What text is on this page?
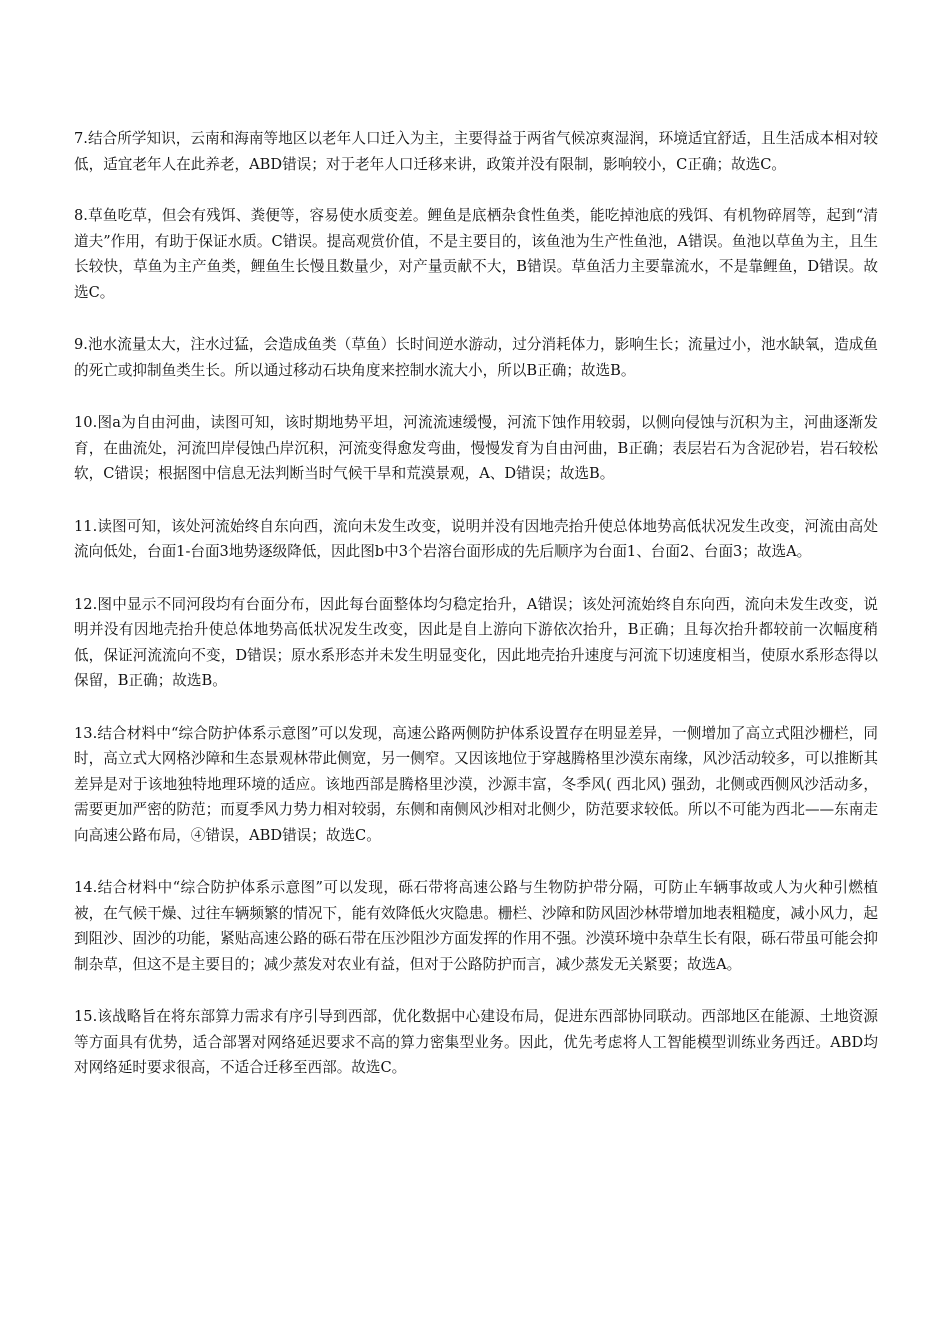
7.结合所学知识，云南和海南等地区以老年人口迁入为主，主要得益于两省气候凉爽湿润，环境适宜舒适，且生活成本相对较低，适宜老年人在此养老，ABD错误；对于老年人口迁移来讲，政策并没有限制，影响较小，C正确；故选C。

8.草鱼吃草，但会有残饵、粪便等，容易使水质变差。鲤鱼是底栖杂食性鱼类，能吃掉池底的残饵、有机物碎屑等，起到“清道夫”作用，有助于保证水质。C错误。提高观赏价值，不是主要目的，该鱼池为生产性鱼池，A错误。鱼池以草鱼为主，且生长较快，草鱼为主产鱼类，鲤鱼生长慢且数量少，对产量贡献不大，B错误。草鱼活力主要靠流水，不是靠鲤鱼，D错误。故选C。

9.池水流量太大，注水过猛，会造成鱼类（草鱼）长时间逆水游动，过分消耗体力，影响生长；流量过小，池水缺氧，造成鱼的死亡或抑制鱼类生长。所以通过移动石块角度来控制水流大小，所以B正确；故选B。

10.图a为自由河曲，读图可知，该时期地势平坦，河流流速缓慢，河流下蚀作用较弱，以侧向侵蚀与沉积为主，河曲逐渐发育，在曲流处，河流凹岸侵蚀凸岸沉积，河流变得愈发弯曲，慢慢发育为自由河曲，B正确；表层岩石为含泥砂岩，岩石较松软，C错误；根据图中信息无法判断当时气候干旱和荒漠景观，A、D错误；故选B。

11.读图可知，该处河流始终自东向西，流向未发生改变，说明并没有因地壳抬升使总体地势高低状况发生改变，河流由高处流向低处，台面1-台面3地势逐级降低，因此图b中3个岩溶台面形成的先后顺序为台面1、台面2、台面3；故选A。

12.图中显示不同河段均有台面分布，因此每台面整体均匀稳定抬升，A错误；该处河流始终自东向西，流向未发生改变，说明并没有因地壳抬升使总体地势高低状况发生改变，因此是自上游向下游依次抬升，B正确；且每次抬升都较前一次幅度稍低，保证河流流向不变，D错误；原水系形态并未发生明显变化，因此地壳抬升速度与河流下切速度相当，使原水系形态得以保留，B正确；故选B。

13.结合材料中“综合防护体系示意图”可以发现，高速公路两侧防护体系设置存在明显差异，一侧增加了高立式阻沙栅栏，同时，高立式大网格沙障和生态景观林带此侧宽，另一侧窄。又因该地位于穿越腾格里沙漠东南缘，风沙活动较多，可以推断其差异是对于该地独特地理环境的适应。该地西部是腾格里沙漠，沙源丰富，冬季风( 西北风) 强劲，北侧或西侧风沙活动多，需要更加严密的防范；而夏季风力势力相对较弱，东侧和南侧风沙相对北侧少，防范要求较低。所以不可能为西北——东南走向高速公路布局，④错误，ABD错误；故选C。

14.结合材料中“综合防护体系示意图”可以发现，砾石带将高速公路与生物防护带分隔，可防止车辆事故或人为火种引燃植被，在气候干燥、过往车辆频繁的情况下，能有效降低火灾隐患。栅栏、沙障和防风固沙林带增加地表粗糙度，减小风力，起到阻沙、固沙的功能，紧贴高速公路的砾石带在压沙阻沙方面发挥的作用不强。沙漠环境中杂草生长有限，砾石带虽可能会抑制杂草，但这不是主要目的；减少蒸发对农业有益，但对于公路防护而言，减少蒸发无关紧要；故选A。

15.该战略旨在将东部算力需求有序引导到西部，优化数据中心建设布局，促进东西部协同联动。西部地区在能源、土地资源等方面具有优势，适合部署对网络延迟要求不高的算力密集型业务。因此，优先考虑将人工智能模型训练业务西迁。ABD均对网络延时要求很高，不适合迁移至西部。故选C。
